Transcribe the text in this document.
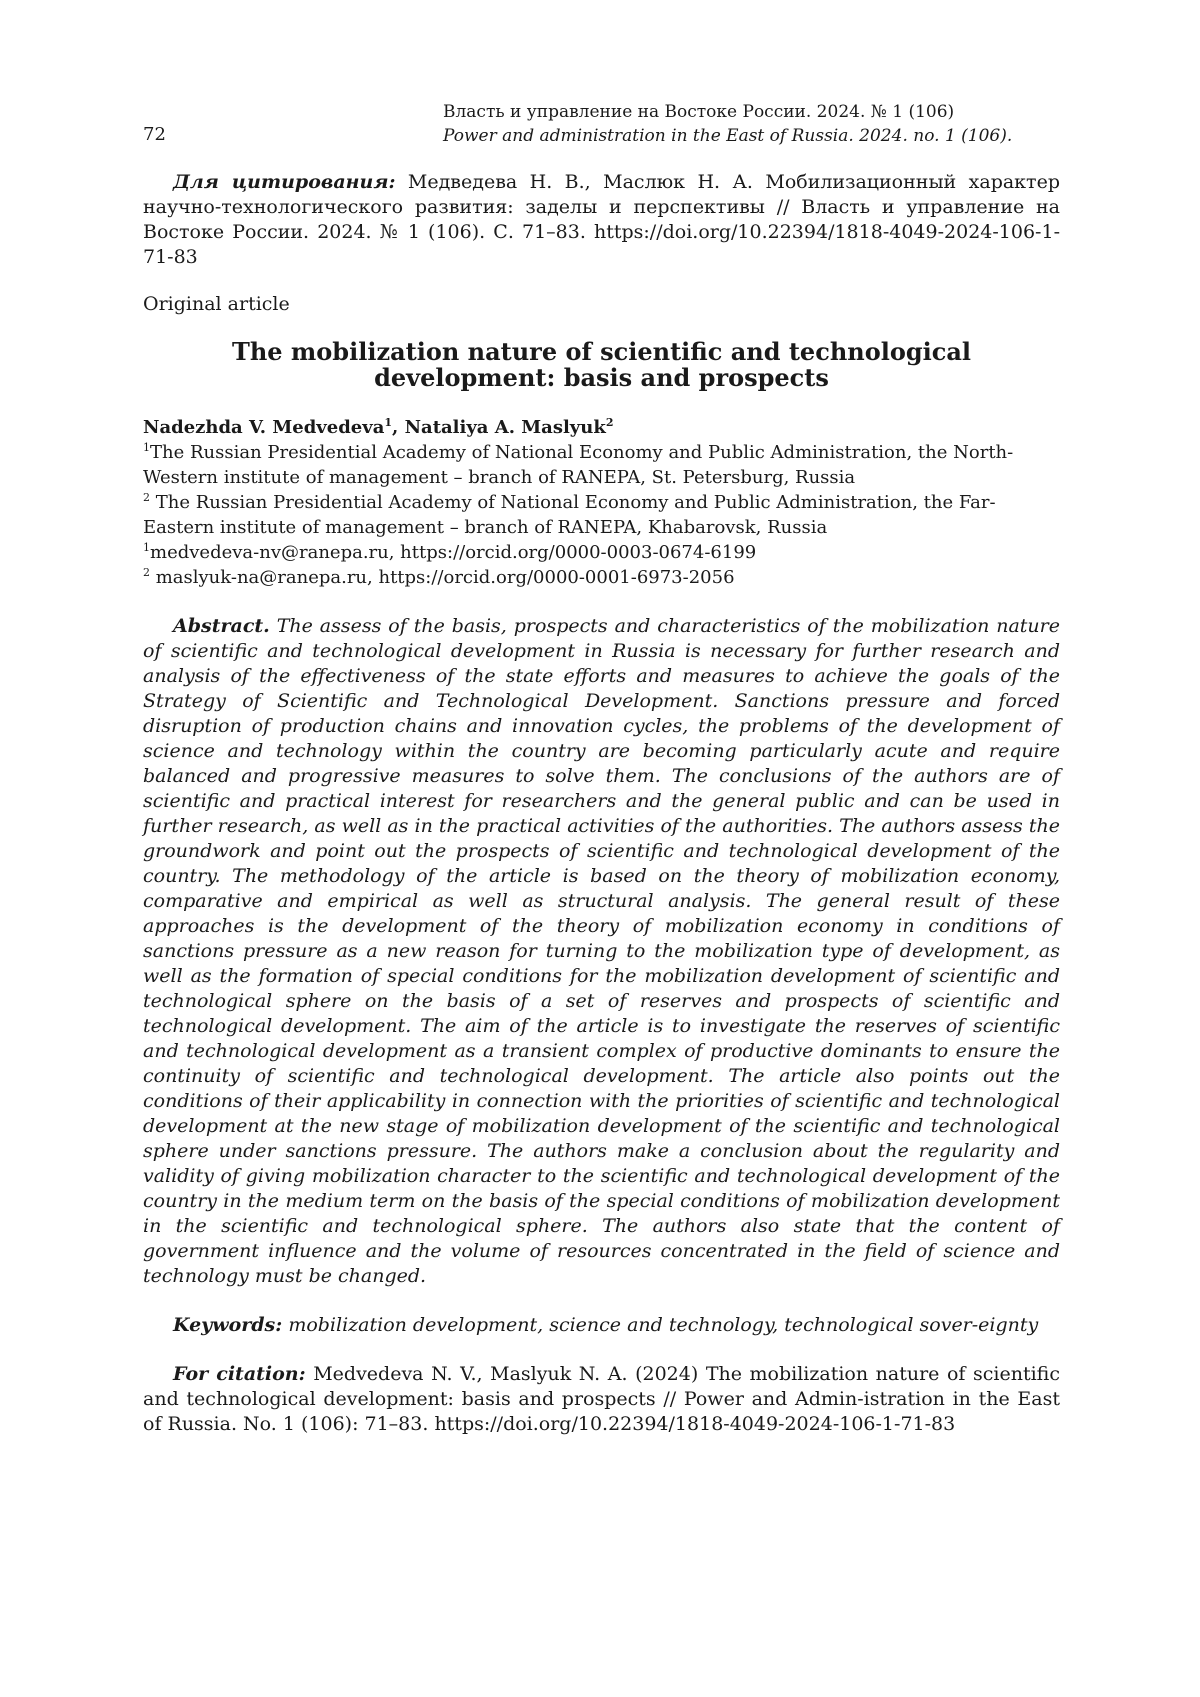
72
Власть и управление на Востоке России. 2024. № 1 (106)
Power and administration in the East of Russia. 2024. no. 1 (106).

Для цитирования: Медведева Н. В., Маслюк Н. А. Мобилизационный характер научно-технологического развития: заделы и перспективы // Власть и управление на Востоке России. 2024. № 1 (106). С. 71–83. https://doi.org/10.22394/1818-4049-2024-106-1-71-83

Original article

The mobilization nature of scientific and technological development: basis and prospects

Nadezhda V. Medvedeva$^1$, Nataliya A. Maslyuk$^2$

$^1$The Russian Presidential Academy of National Economy and Public Administration, the North-Western institute of management – branch of RANEPA, St. Petersburg, Russia

$^2$ The Russian Presidential Academy of National Economy and Public Administration, the Far-Eastern institute of management – branch of RANEPA, Khabarovsk, Russia

$^1$medvedeva-nv@ranepa.ru, https://orcid.org/0000-0003-0674-6199

$^2$ maslyuk-na@ranepa.ru, https://orcid.org/0000-0001-6973-2056

Abstract. The assess of the basis, prospects and characteristics of the mobilization nature of scientific and technological development in Russia is necessary for further research and analysis of the effectiveness of the state efforts and measures to achieve the goals of the Strategy of Scientific and Technological Development. Sanctions pressure and forced disruption of production chains and innovation cycles, the problems of the development of science and technology within the country are becoming particularly acute and require balanced and progressive measures to solve them. The conclusions of the authors are of scientific and practical interest for researchers and the general public and can be used in further research, as well as in the practical activities of the authorities. The authors assess the groundwork and point out the prospects of scientific and technological development of the country. The methodology of the article is based on the theory of mobilization economy, comparative and empirical as well as structural analysis. The general result of these approaches is the development of the theory of mobilization economy in conditions of sanctions pressure as a new reason for turning to the mobilization type of development, as well as the formation of special conditions for the mobilization development of scientific and technological sphere on the basis of a set of reserves and prospects of scientific and technological development. The aim of the article is to investigate the reserves of scientific and technological development as a transient complex of productive dominants to ensure the continuity of scientific and technological development. The article also points out the conditions of their applicability in connection with the priorities of scientific and technological development at the new stage of mobilization development of the scientific and technological sphere under sanctions pressure. The authors make a conclusion about the regularity and validity of giving mobilization character to the scientific and technological development of the country in the medium term on the basis of the special conditions of mobilization development in the scientific and technological sphere. The authors also state that the content of government influence and the volume of resources concentrated in the field of science and technology must be changed.

Keywords: mobilization development, science and technology, technological sover-eignty

For citation: Medvedeva N. V., Maslyuk N. A. (2024) The mobilization nature of scientific and technological development: basis and prospects // Power and Admin-istration in the East of Russia. No. 1 (106): 71–83. https://doi.org/10.22394/1818-4049-2024-106-1-71-83
